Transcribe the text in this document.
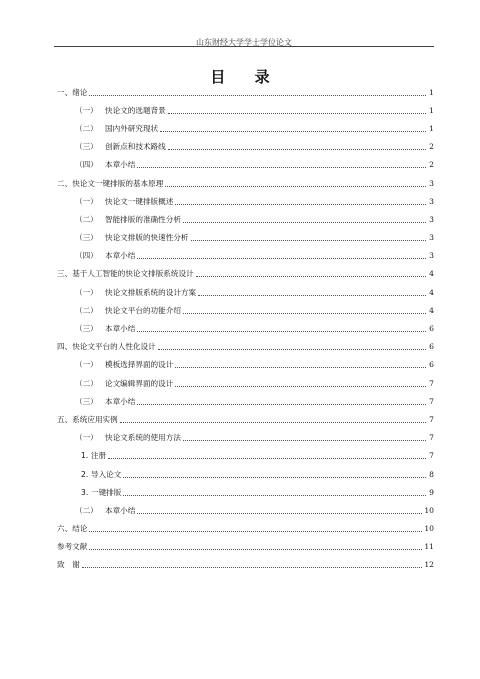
山东财经大学学士学位论文
目 录
一、 绪论	1
（一） 快论文的选题背景	1
（二） 国内外研究现状	1
（三） 创新点和技术路线	2
（四） 本章小结	2
二、 快论文一键排版的基本原理	3
（一） 快论文一键排版概述	3
（二） 智能排版的准确性分析	3
（三） 快论文排版的快速性分析	3
（四） 本章小结	3
三、 基于人工智能的快论文排版系统设计	4
（一） 快论文排版系统的设计方案	4
（二） 快论文平台的功能介绍	4
（三） 本章小结	6
四、 快论文平台的人性化设计	6
（一） 模板选择界面的设计	6
（二） 论文编辑界面的设计	7
（三） 本章小结	7
五、 系统应用实例	7
（一） 快论文系统的使用方法	7
1. 注册	7
2. 导入论文	8
3. 一键排版	9
（二） 本章小结	10
六、 结论	10
参考文献	11
致　谢	12
